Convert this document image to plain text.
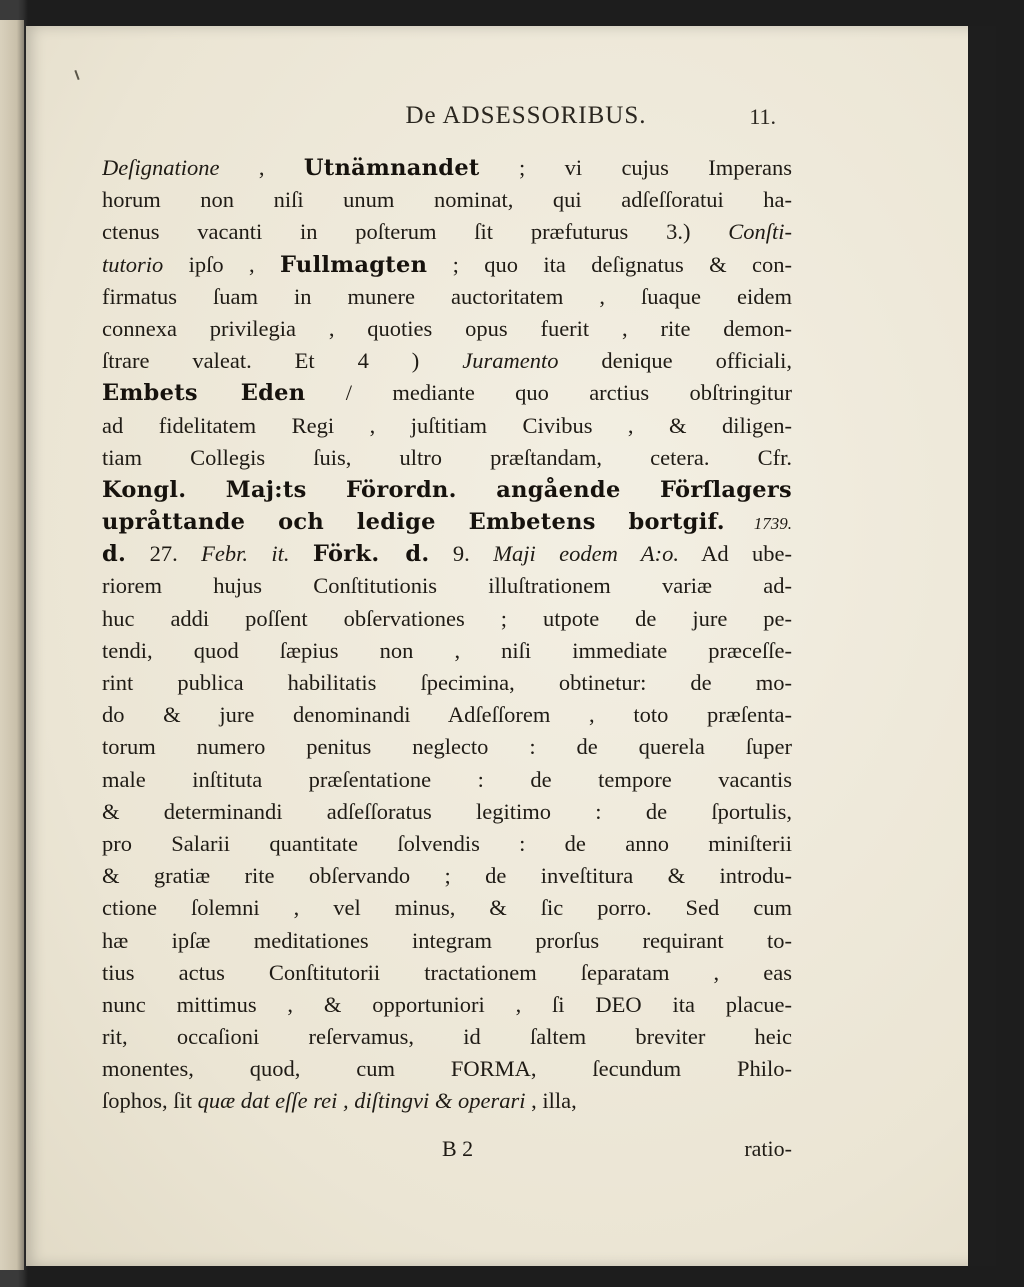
De ADSESSORIBUS.	11.
Deſignatione , Utnämnandet ; vi cujus Imperans
horum non niſi unum nominat, qui adſeſſoratui ha-
ctenus vacanti in poſterum ſit præfuturus 3.) Conſti-
tutorio ipſo , Fullmagten ; quo ita deſignatus & con-
firmatus ſuam in munere auctoritatem , ſuaque eidem
connexa privilegia , quoties opus fuerit , rite demon-
ſtrare valeat. Et 4 ) Juramento denique officiali,
Embets Eden / mediante quo arctius obſtringitur
ad fidelitatem Regi , juſtitiam Civibus , & diligen-
tiam Collegis ſuis, ultro præſtandam, cetera. Cfr.
Kongl. Maj:ts Förordn. angående Förſlagers
upråttande och ledige Embetens bortgif. 1739.
d. 27. Febr. it. Förk. d. 9. Maji eodem A:o. Ad ube-
riorem hujus Conſtitutionis illuſtrationem variæ ad-
huc addi poſſent obſervationes ; utpote de jure pe-
tendi, quod ſæpius non , niſi immediate præceſſe-
rint publica habilitatis ſpecimina, obtinetur: de mo-
do & jure denominandi Adſeſſorem , toto præſenta-
torum numero penitus neglecto : de querela ſuper
male inſtituta præſentatione : de tempore vacantis
& determinandi adſeſſoratus legitimo : de ſportulis,
pro Salarii quantitate ſolvendis : de anno miniſterii
& gratiæ rite obſervando ; de inveſtitura & introdu-
ctione ſolemni , vel minus, & ſic porro. Sed cum
hæ ipſæ meditationes integram prorſus requirant to-
tius actus Conſtitutorii tractationem ſeparatam , eas
nunc mittimus , & opportuniori , ſi DEO ita placue-
rit, occaſioni reſervamus, id ſaltem breviter heic
monentes, quod, cum FORMA, ſecundum Philo-
ſophos, ſit quæ dat eſſe rei , diſtingvi & operari , illa,
B 2	ratio-
